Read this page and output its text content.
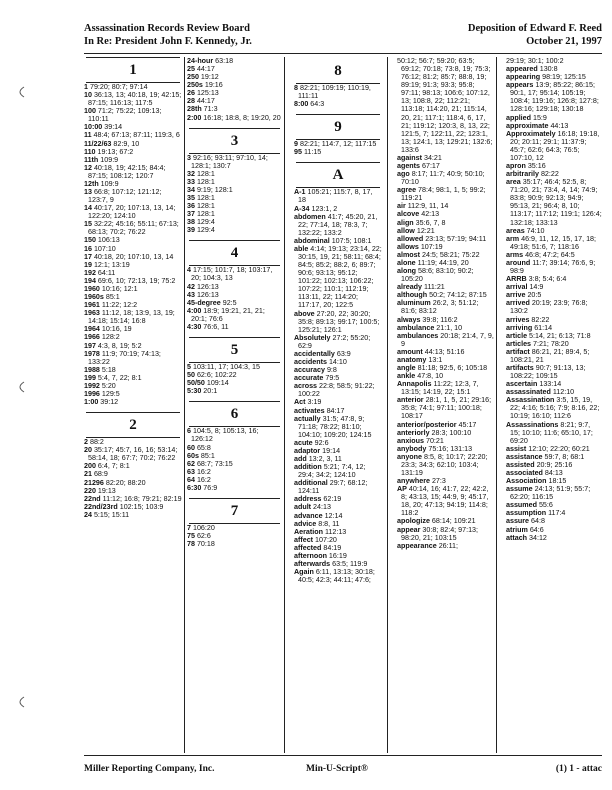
Assassination Records Review Board
In Re: President John F. Kennedy, Jr.
Deposition of Edward F. Reed
October 21, 1997
1
1 79:20; 80:7; 97:14
10 36:13, 13; 40:18, 19; 42:15; 87:15; 116:13; 117:5
100 71:2; 75:22; 109:13; 110:11
10:00 39:14
11 48:4; 67:13; 87:11; 119:3, 6
11/22/63 82:9, 10
110 19:13; 67:2
11th 109:9
12 40:18, 19; 42:15; 84:4; 87:15; 108:12; 120:7
12th 109:9
13 66:8; 107:12; 121:12; 123:7, 9
14 40:17, 20; 107:13, 13, 14; 122:20; 124:10
15 32:22; 45:16; 55:11; 67:13; 68:13; 70:2; 76:22
150 106:13
16 107:10
17 40:18, 20; 107:10, 13, 14
19 12:1; 13:19
192 64:11
194 69:6, 10; 72:13, 19; 75:2
1960 10:16; 12:1
1960s 85:1
1961 11:22; 12:2
1963 11:12, 18; 13:9, 13, 19; 14:18; 15:14; 16:8
1964 10:16, 19
1966 128:2
197 4:3, 8, 19; 5:2
1978 11:9; 70:19; 74:13; 133:22
1988 5:18
199 5:4, 7, 22; 8:1
1992 5:20
1996 129:5
1:00 39:12
2
2 88:2
20 35:17; 45:7, 16, 16; 53:14; 58:14, 18; 67:7; 70:2; 76:22
200 6:4, 7; 8:1
21 68:9
21296 82:20; 88:20
220 19:13
22nd 11:12; 16:8; 79:21; 82:19
22nd/23rd 102:15; 103:9
24 5:15; 15:11
24-hour 63:18
25 44:17
250 19:12
250s 19:16
26 125:13
28 44:17
28th 71:3
2:00 16:18; 18:8, 8; 19:20, 20
3
3 92:16; 93:11; 97:10, 14; 128:1; 130:7
32 128:1
33 128:1
34 9:19; 128:1
35 128:1
36 128:1
37 128:1
38 129:4
39 129:4
4
4 17:15; 101:7, 18; 103:17, 20; 104:3, 13
42 126:13
43 126:13
45-degree 92:5
4:00 18:9; 19:21, 21, 21; 20:1; 76:6
4:30 76:6, 11
5
5 103:11, 17; 104:3, 15
50 62:6; 102:22
50/50 109:14
5:30 20:1
6
6 104:5, 8; 105:13, 16; 126:12
60 65:8
60s 85:1
62 68:7; 73:15
63 16:2
64 16:2
6:30 76:9
7
7 106:20
75 62:6
78 70:18
8
8 82:21; 109:19; 110:19, 111:11
8:00 64:3
9
9 82:21; 114:7, 12; 117:15
95 11:15
A
A-1 105:21; 115:7, 8, 17, 18
A-34 123:1, 2
abdomen 41:7; 45:20, 21, 22; 77:14, 18; 78:3, 7; 132:22; 133:2
abdominal 107:5; 108:1
able 4:14; 19:13; 23:14, 22; 30:15, 19, 21; 58:11; 68:4; 84:5; 85:2; 88:2, 6; 89:7; 90:6; 93:13; 95:12; 101:22; 102:13; 106:22; 107:22; 110:1; 112:19; 113:11, 22; 114:20; 117:17, 20; 122:5
above 27:20, 22; 30:20; 35:8; 89:13; 99:17; 100:5; 125:21; 126:1
Absolutely 27:2; 55:20; 62:9
accidentally 63:9
accidents 14:10
accuracy 9:8
accurate 79:5
across 22:8; 58:5; 91:22; 100:22
Act 3:19
activates 84:17
actually 31:5; 47:8, 9; 71:18; 78:22; 81:10; 104:10; 109:20; 124:15
acute 92:6
adaptor 19:14
add 13:2, 3, 11
addition 5:21; 7:4, 12; 29:4; 34:2; 124:10
additional 29:7; 68:12; 124:11
address 62:19
adult 24:13
advance 12:14
advice 8:8, 11
Aeration 112:13
affect 107:20
affected 84:19
afternoon 16:19
afterwards 63:5; 119:9
Again 6:11, 13:13; 30:18; 40:5; 42:3; 44:11; 47:6;
50:12; 56:7; 59:20; 63:5; 69:12; 70:18; 73:8, 19; 75:3; 76:12; 81:2; 85:7; 88:8, 19; 89:19; 91:3; 93:3; 95:8; 97:11; 98:13; 106:6; 107:12, 13; 108:8, 22; 112:21; 113:18; 114:20, 21; 115:14, 20, 21; 117:1; 118:4, 6, 17, 21; 119:12; 120:3, 8, 13, 22; 121:5, 7; 122:11, 22; 123:1, 13; 124:1, 13; 129:21; 132:6; 133:6
against 34:21
agents 67:17
ago 8:17; 11:7; 40:9; 50:10; 70:10
agree 78:4; 98:1, 1, 5; 99:2; 119:21
air 112:9, 11, 14
alcove 42:13
align 35:6, 7, 8
allow 12:21
allowed 23:13; 57:19; 94:11
allows 107:19
almost 24:5; 58:21; 75:22
alone 11:19; 44:19, 20
along 58:6; 83:10; 90:2; 105:20
already 111:21
although 50:2; 74:12; 87:15
aluminum 26:2, 3; 51:12; 81:6; 83:12
always 39:8; 116:2
ambulance 21:1, 10
ambulances 20:18; 21:4, 7, 9, 9
amount 44:13; 51:16
anatomy 13:1
angle 81:18; 92:5, 6; 105:18
ankle 47:8, 10
Annapolis 11:22; 12:3, 7, 13:15; 14:19, 22; 15:1
anterior 28:1, 1, 5, 21; 29:16; 35:8; 74:1; 97:11; 100:18; 108:17
anterior/posterior 45:17
anteriorly 28:3; 100:10
anxious 70:21
anybody 75:16; 131:13
anyone 8:5, 8; 10:17; 22:20; 23:3; 34:3; 62:10; 103:4; 131:19
anywhere 27:3
AP 40:14, 16; 41:7, 22; 42:2, 8; 43:13, 15; 44:9, 9; 45:17, 18, 20; 47:13; 94:19; 114:8; 118:2
apologize 68:14; 109:21
appear 30:8; 82:4; 97:13; 98:20, 21; 103:15
appearance 26:11;
29:19; 30:1; 100:2
appeared 130:8
appearing 98:19; 125:15
appears 13:9; 85:22; 86:15; 90:1, 17; 95:14; 105:19; 108:4; 119:16; 126:8; 127:8; 128:16; 129:18; 130:18
applied 15:9
approximate 44:13
Approximately 16:18; 19:18, 20; 20:11; 29:1; 11:37:9; 45:7; 62:6; 64:3; 76:5; 107:10, 12
apron 35:16
arbitrarily 82:22
area 35:17; 46:4; 52:5, 8; 71:20, 21; 73:4, 4, 14; 74:9; 83:8; 90:9; 92:13; 94:9; 95:13, 21; 96:4; 8, 10; 113:17; 117:12; 119:1; 126:4; 132:18; 133:13
areas 74:10
arm 46:9, 11, 12, 15, 17, 18; 49:18; 51:6, 7; 118:16
arms 46:8; 47:2; 64:5
around 11:7; 39:14; 76:6, 9; 98:9
ARRB 3:8; 5:4; 6:4
arrival 14:9
arrive 20:5
arrived 20:19; 23:9; 76:8; 130:2
arrives 82:22
arriving 61:14
article 5:14, 21; 6:13; 71:8
articles 7:21; 78:20
artifact 86:21, 21; 89:4, 5; 108:21, 21
artifacts 90:7; 91:13, 13; 108:22; 109:15
ascertain 133:14
assassinated 112:10
Assassination 3:5, 15, 19, 22; 4:16; 5:16; 7:9; 8:16, 22; 10:19; 16:10; 112:6
Assassinations 8:21; 9:7, 15; 10:10; 11:6; 65:10, 17; 69:20
assist 12:10; 22:20; 60:21
assistance 59:7, 8; 68:1
assisted 20:9; 25:16
associated 84:13
Association 18:15
assume 24:13; 51:9; 55:7; 62:20; 116:15
assumed 55:6
assumption 117:4
assure 64:8
atrium 64:6
attach 34:12
Miller Reporting Company, Inc.	Min-U-Script®	(1) 1 - attac
